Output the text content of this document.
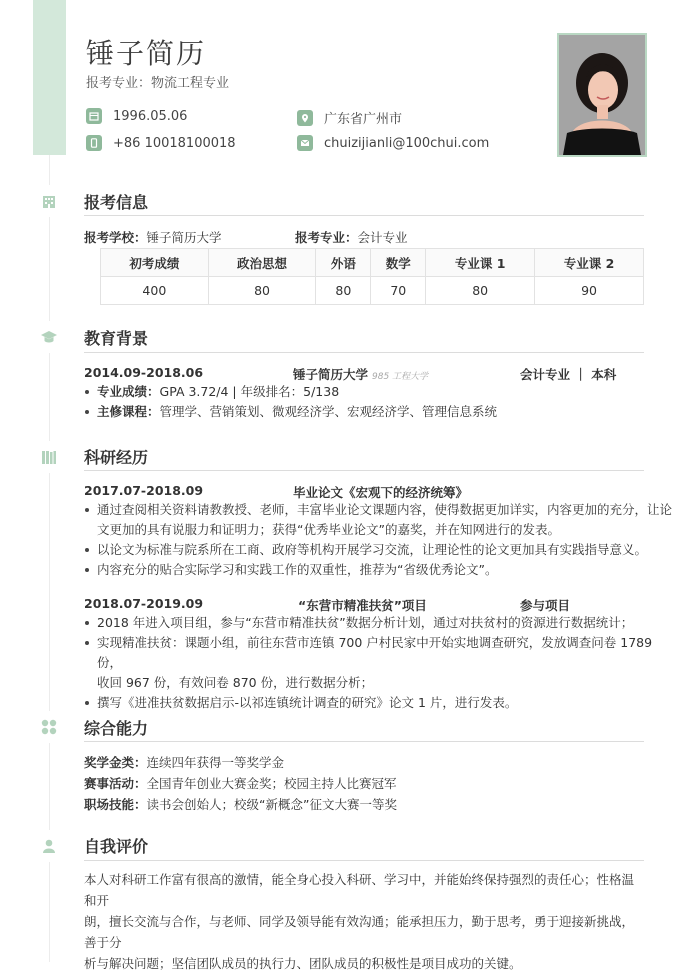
锤子简历
报考专业：物流工程专业
1996.05.06
+86 10018100018
广东省广州市
chuizijianli@100chui.com
报考信息
报考学校：锤子简历大学	报考专业：会计专业
初考成绩	政治思想	外语	数学	专业课 1	专业课 2
400	80	80	70	80	90
教育背景
2014.09-2018.06	锤子简历大学 985 工程大学	会计专业 ｜ 本科
专业成绩：GPA 3.72/4 | 年级排名：5/138
主修课程：管理学、营销策划、微观经济学、宏观经济学、管理信息系统
科研经历
2017.07-2018.09	毕业论文《宏观下的经济统筹》
通过查阅相关资料请教教授、老师，丰富毕业论文课题内容，使得数据更加详实，内容更加的充分，让论
文更加的具有说服力和证明力；获得“优秀毕业论文”的嘉奖，并在知网进行的发表。
以论文为标准与院系所在工商、政府等机构开展学习交流，让理论性的论文更加具有实践指导意义。
内容充分的贴合实际学习和实践工作的双重性，推荐为“省级优秀论文”。
2018.07-2019.09	“东营市精准扶贫”项目	参与项目
2018 年进入项目组，参与“东营市精准扶贫”数据分析计划，通过对扶贫村的资源进行数据统计；
实现精准扶贫：课题小组，前往东营市连镇 700 户村民家中开始实地调查研究，发放调查问卷 1789 份，
收回 967 份，有效问卷 870 份，进行数据分析；
撰写《进准扶贫数据启示-以祁连镇统计调查的研究》论文 1 片，进行发表。
综合能力
奖学金类：连续四年获得一等奖学金
赛事活动：全国青年创业大赛金奖；校园主持人比赛冠军
职场技能：读书会创始人；校级“新概念”征文大赛一等奖
自我评价
本人对科研工作富有很高的激情，能全身心投入科研、学习中，并能始终保持强烈的责任心；性格温和开
朗，擅长交流与合作，与老师、同学及领导能有效沟通；能承担压力，勤于思考，勇于迎接新挑战，善于分
析与解决问题；坚信团队成员的执行力、团队成员的积极性是项目成功的关键。
